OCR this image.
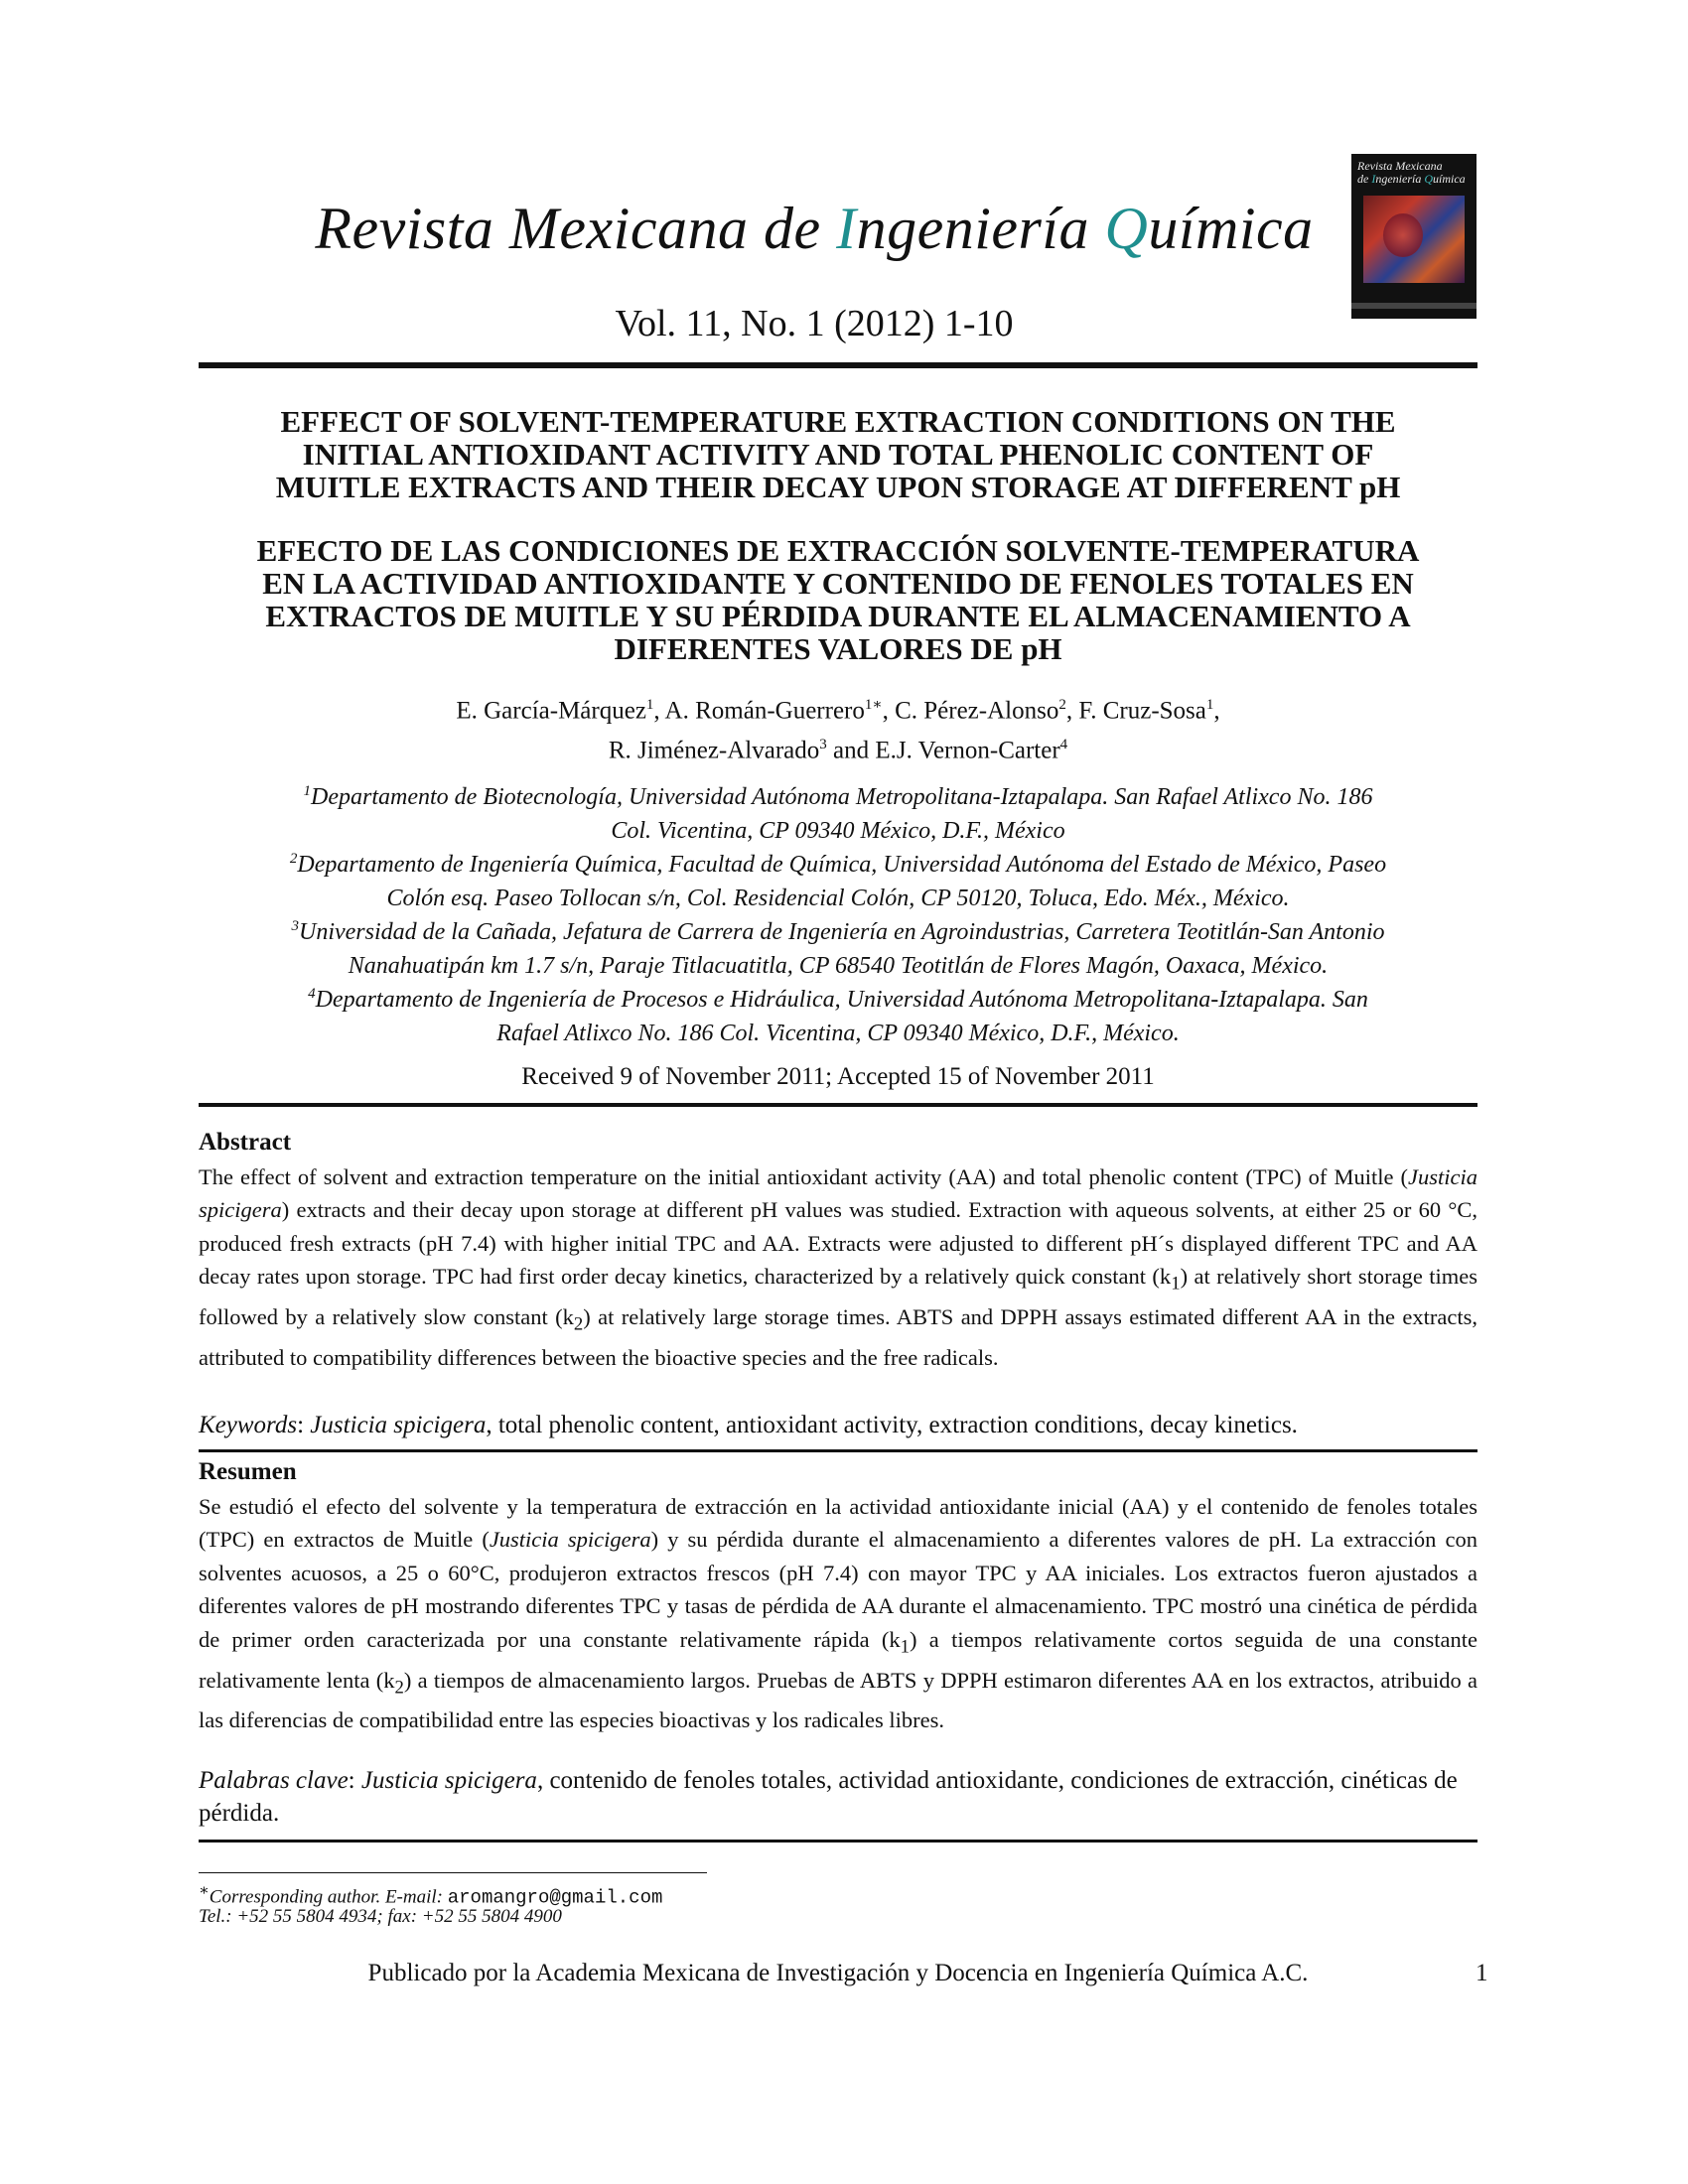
Revista Mexicana de Ingeniería Química
Vol. 11, No. 1 (2012) 1-10
Revista Mexicana
de Ingeniería Química
EFFECT OF SOLVENT-TEMPERATURE EXTRACTION CONDITIONS ON THE
INITIAL ANTIOXIDANT ACTIVITY AND TOTAL PHENOLIC CONTENT OF
MUITLE EXTRACTS AND THEIR DECAY UPON STORAGE AT DIFFERENT pH
EFECTO DE LAS CONDICIONES DE EXTRACCIÓN SOLVENTE-TEMPERATURA
EN LA ACTIVIDAD ANTIOXIDANTE Y CONTENIDO DE FENOLES TOTALES EN
EXTRACTOS DE MUITLE Y SU PÉRDIDA DURANTE EL ALMACENAMIENTO A
DIFERENTES VALORES DE pH
E. García-Márquez$^1$, A. Román-Guerrero$^{1∗}$, C. Pérez-Alonso$^2$, F. Cruz-Sosa$^1$,
R. Jiménez-Alvarado$^3$ and E.J. Vernon-Carter$^4$
$^1$Departamento de Biotecnología, Universidad Autónoma Metropolitana-Iztapalapa. San Rafael Atlixco No. 186
Col. Vicentina, CP 09340 México, D.F., México
$^2$Departamento de Ingeniería Química, Facultad de Química, Universidad Autónoma del Estado de México, Paseo
Colón esq. Paseo Tollocan s/n, Col. Residencial Colón, CP 50120, Toluca, Edo. Méx., México.
$^3$Universidad de la Cañada, Jefatura de Carrera de Ingeniería en Agroindustrias, Carretera Teotitlán-San Antonio
Nanahuatipán km 1.7 s/n, Paraje Titlacuatitla, CP 68540 Teotitlán de Flores Magón, Oaxaca, México.
$^4$Departamento de Ingeniería de Procesos e Hidráulica, Universidad Autónoma Metropolitana-Iztapalapa. San
Rafael Atlixco No. 186 Col. Vicentina, CP 09340 México, D.F., México.
Received 9 of November 2011; Accepted 15 of November 2011
Abstract
The effect of solvent and extraction temperature on the initial antioxidant activity (AA) and total phenolic content (TPC) of Muitle (Justicia spicigera) extracts and their decay upon storage at different pH values was studied. Extraction with aqueous solvents, at either 25 or 60 °C, produced fresh extracts (pH 7.4) with higher initial TPC and AA. Extracts were adjusted to different pH´s displayed different TPC and AA decay rates upon storage. TPC had first order decay kinetics, characterized by a relatively quick constant $(k_1)$ at relatively short storage times followed by a relatively slow constant $(k_2)$ at relatively large storage times. ABTS and DPPH assays estimated different AA in the extracts, attributed to compatibility differences between the bioactive species and the free radicals.
Keywords: Justicia spicigera, total phenolic content, antioxidant activity, extraction conditions, decay kinetics.
Resumen
Se estudió el efecto del solvente y la temperatura de extracción en la actividad antioxidante inicial (AA) y el contenido de fenoles totales (TPC) en extractos de Muitle (Justicia spicigera) y su pérdida durante el almacenamiento a diferentes valores de pH. La extracción con solventes acuosos, a 25 o 60°C, produjeron extractos frescos (pH 7.4) con mayor TPC y AA iniciales. Los extractos fueron ajustados a diferentes valores de pH mostrando diferentes TPC y tasas de pérdida de AA durante el almacenamiento. TPC mostró una cinética de pérdida de primer orden caracterizada por una constante relativamente rápida $(k_1)$ a tiempos relativamente cortos seguida de una constante relativamente lenta $(k_2)$ a tiempos de almacenamiento largos. Pruebas de ABTS y DPPH estimaron diferentes AA en los extractos, atribuido a las diferencias de compatibilidad entre las especies bioactivas y los radicales libres.
Palabras clave: Justicia spicigera, contenido de fenoles totales, actividad antioxidante, condiciones de extracción, cinéticas de pérdida.
∗Corresponding author. E-mail: aromangro@gmail.com
Tel.: +52 55 5804 4934; fax: +52 55 5804 4900
Publicado por la Academia Mexicana de Investigación y Docencia en Ingeniería Química A.C.	1
